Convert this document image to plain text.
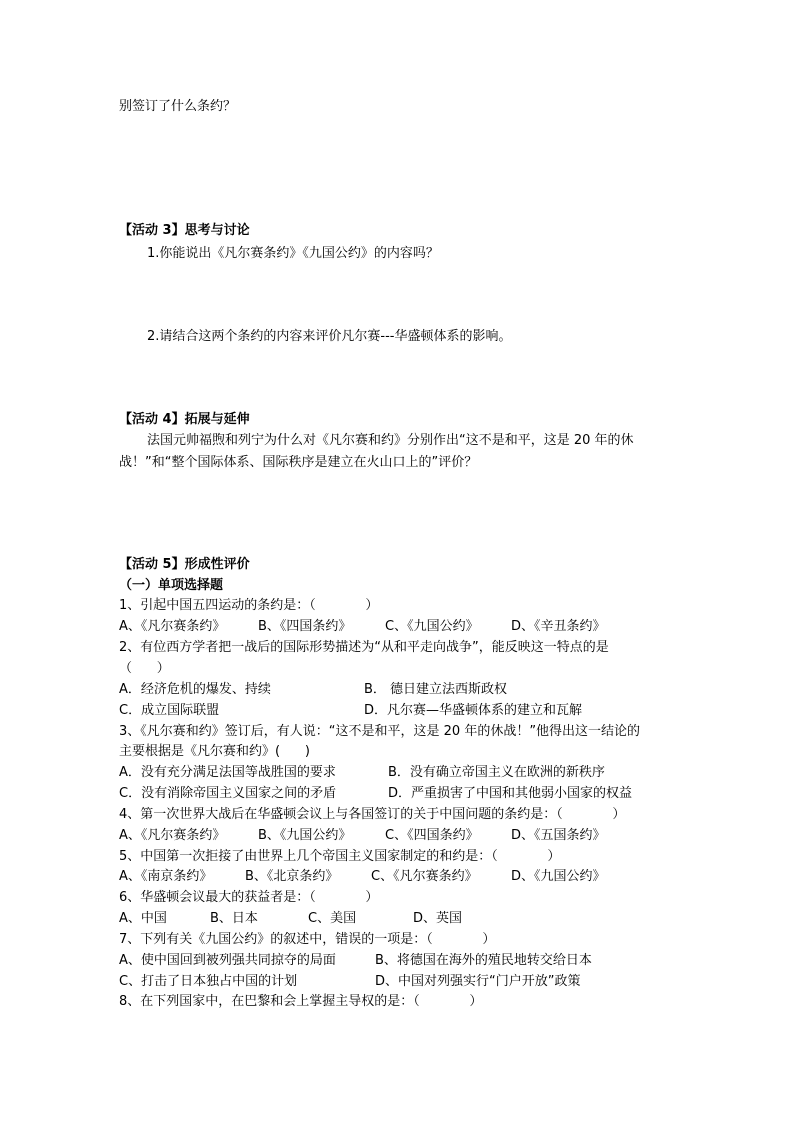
别签订了什么条约？
【活动 3】思考与讨论
1.你能说出《凡尔赛条约》《九国公约》的内容吗？
2.请结合这两个条约的内容来评价凡尔赛---华盛顿体系的影响。
【活动 4】拓展与延伸
法国元帅福煦和列宁为什么对《凡尔赛和约》分别作出“这不是和平，这是 20 年的休
战！”和“整个国际体系、国际秩序是建立在火山口上的”评价？
【活动 5】形成性评价
（一）单项选择题
1、引起中国五四运动的条约是：（            ）
A、《凡尔赛条约》	B、《四国条约》	C、《九国公约》 D、《辛丑条约》
2、有位西方学者把一战后的国际形势描述为“从和平走向战争”，能反映这一特点的是
（      ）
A．经济危机的爆发、持续	B． 德日建立法西斯政权
C．成立国际联盟	D．凡尔赛—华盛顿体系的建立和瓦解
3、《凡尔赛和约》签订后，有人说：“这不是和平，这是 20 年的休战！”他得出这一结论的
主要根据是《凡尔赛和约》(      )
A．没有充分满足法国等战胜国的要求	B．没有确立帝国主义在欧洲的新秩序
C．没有消除帝国主义国家之间的矛盾	D．严重损害了中国和其他弱小国家的权益
4、第一次世界大战后在华盛顿会议上与各国签订的关于中国问题的条约是：（            ）
A、《凡尔赛条约》	B、《九国公约》	C、《四国条约》 D、《五国条约》
5、中国第一次拒接了由世界上几个帝国主义国家制定的和约是：（            ）
A、《南京条约》	B、《北京条约》	C、《凡尔赛条约》	D、《九国公约》
6、华盛顿会议最大的获益者是：（            ）
A、中国	B、日本	C、美国	D、英国
7、下列有关《九国公约》的叙述中，错误的一项是：（            ）
A、使中国回到被列强共同掠夺的局面	B、将德国在海外的殖民地转交给日本
C、打击了日本独占中国的计划	D、中国对列强实行“门户开放”政策
8、在下列国家中，在巴黎和会上掌握主导权的是：（            ）
